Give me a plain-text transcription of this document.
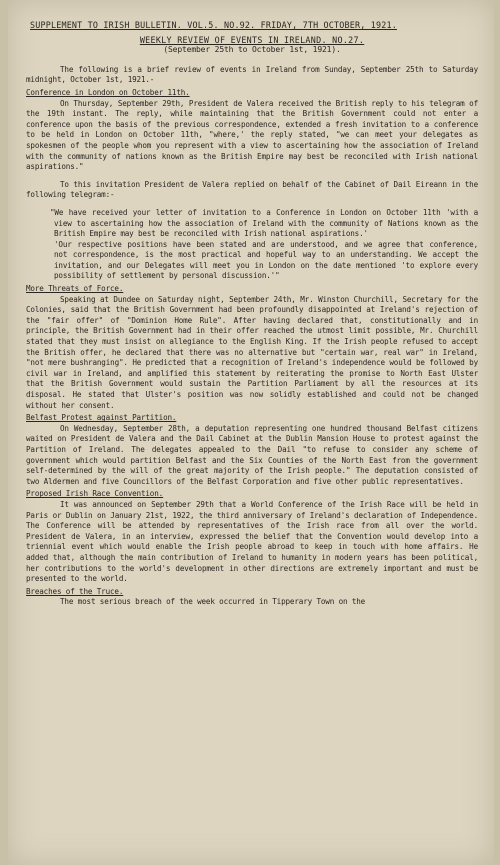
SUPPLEMENT TO IRISH BULLETIN. VOL.5. NO.92. FRIDAY, 7TH OCTOBER, 1921.
WEEKLY REVIEW OF EVENTS IN IRELAND. NO.27.
(September 25th to October 1st, 1921).

The following is a brief review of events in Ireland from Sunday, September 25th to Saturday midnight, October 1st, 1921.-

Conference in London on October 11th.

On Thursday, September 29th, President de Valera received the British reply to his telegram of the 19th instant. The reply, while maintaining that the British Government could not enter a conference upon the basis of the previous correspondence, extended a fresh invitation to a conference to be held in London on October 11th, "where,' the reply stated, "we can meet your delegates as spokesmen of the people whom you represent with a view to ascertaining how the association of Ireland with the community of nations known as the British Empire may best be reconciled with Irish national aspirations."

To this invitation President de Valera replied on behalf of the Cabinet of Dail Eireann in the following telegram:-

"We have received your letter of invitation to a Conference in London on October 11th 'with a view to ascertaining how the association of Ireland with the community of Nations known as the British Empire may best be reconciled with Irish national aspirations.'

'Our respective positions have been stated and are understood, and we agree that conference, not correspondence, is the most practical and hopeful way to an understanding. We accept the invitation, and our Delegates will meet you in London on the date mentioned 'to explore every possibility of settlement by personal discussion.'"

More Threats of Force.

Speaking at Dundee on Saturday night, September 24th, Mr. Winston Churchill, Secretary for the Colonies, said that the British Government had been profoundly disappointed at Ireland's rejection of the "fair offer" of "Dominion Home Rule". After having declared that, constitutionally and in principle, the British Government had in their offer reached the utmost limit possible, Mr. Churchill stated that they must insist on allegiance to the English King. If the Irish people refused to accept the British offer, he declared that there was no alternative but "certain war, real war" in Ireland, "not mere bushranging". He predicted that a recognition of Ireland's independence would be followed by civil war in Ireland, and amplified this statement by reiterating the promise to North East Ulster that the British Government would sustain the Partition Parliament by all the resources at its disposal. He stated that Ulster's position was now solidly established and could not be changed without her consent.

Belfast Protest against Partition.

On Wednesday, September 28th, a deputation representing one hundred thousand Belfast citizens waited on President de Valera and the Dail Cabinet at the Dublin Mansion House to protest against the Partition of Ireland. The delegates appealed to the Dail "to refuse to consider any scheme of government which would partition Belfast and the Six Counties of the North East from the government self-determined by the will of the great majority of the Irish people." The deputation consisted of two Aldermen and five Councillors of the Belfast Corporation and five other public representatives.

Proposed Irish Race Convention.

It was announced on September 29th that a World Conference of the Irish Race will be held in Paris or Dublin on January 21st, 1922, the third anniversary of Ireland's declaration of Independence. The Conference will be attended by representatives of the Irish race from all over the world. President de Valera, in an interview, expressed the belief that the Convention would develop into a triennial event which would enable the Irish people abroad to keep in touch with home affairs. He added that, although the main contribution of Ireland to humanity in modern years has been political, her contributions to the world's development in other directions are extremely important and must be presented to the world.

Breaches of the Truce.

The most serious breach of the week occurred in Tipperary Town on the
